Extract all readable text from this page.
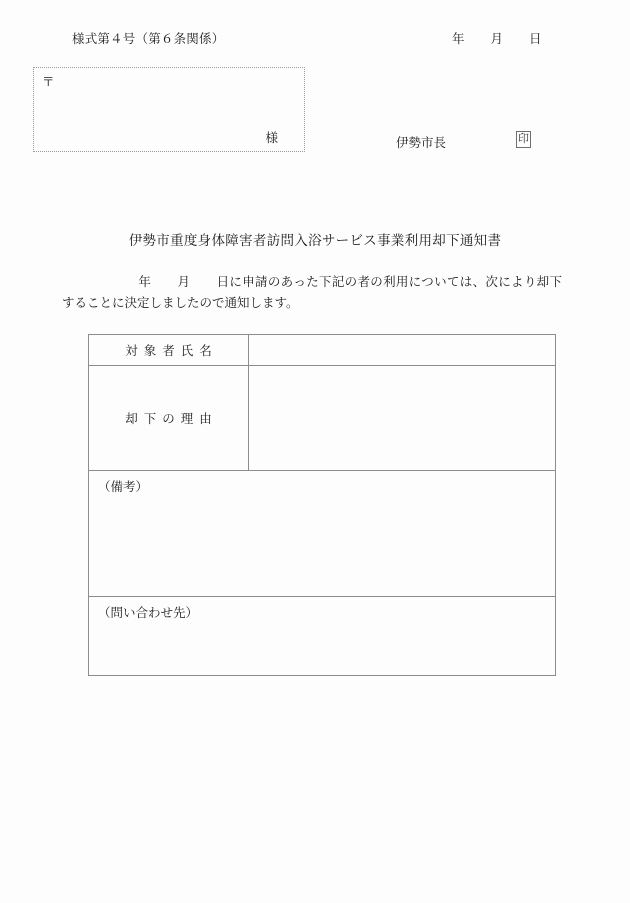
様式第４号（第６条関係）	年 月 日
〒
様	伊勢市長	印
伊勢市重度身体障害者訪問入浴サービス事業利用却下通知書
年 月 日に申請のあった下記の者の利用については、次により却下することに決定しましたので通知します。
対象者氏名	
却下の理由	
（備考）	
（問い合わせ先）	
